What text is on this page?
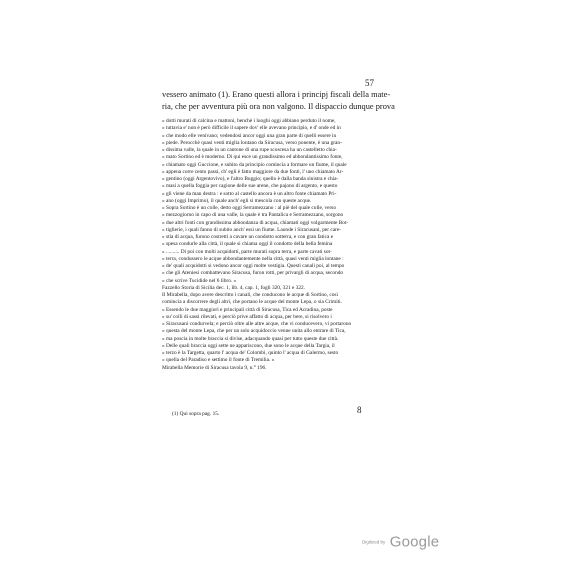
57
vessero animato (1). Erano questi allora i principj fiscali della mate-
ria, che per avventura più ora non valgono. Il dispaccio dunque prova
» dotti murati di calcina e mattoni, benchè i luoghi oggi abbiano perduto il nome,
» tuttavia e' non è però difficile il sapere dov' elle avevano principio, e d' onde ed in
» che modo elle venivano; vedendosi ancor oggi una gran parte di quelli essere in
» piede. Perocchè quasi venti miglia lontano da Siracusa, verso ponente, è una gran-
» dissima valle, la quale in un cantone di una rupe scoscesa ha un castelletto chia-
» mato Sortino ed è moderno. Di qui esce un grandissimo ed abbondantissimo fonte,
» chiamato oggi Guccione, e subito da principio comincia a formare un fiume, il quale
» appena corre cento passi, ch' egli è fatto maggiore da due fonti, l' uno chiamato Ar-
» gentino (oggi Argentovivo), e l'altro Buggio; quello è dalla banda sinistra e chia-
» masi a quella foggia per cagione delle sue arene, che pajono di argento, e questo
» gli viene da man destra : e sotto al castello ancora è un altro fonte chiamato Pri-
» ano (oggi Imprimo), il quale anch' egli si mescola con queste acque.
» Sopra Sortino è un colle, detto oggi Serramezzano : al piè del quale colle, verso
» mezzogiorno in capo di una valle, la quale è tra Pantalica e Serramezzano, sorgono
» due altri fonti con grandissima abbondanza di acqua, chiamati oggi volgarmente Bot-
» tiglierie, i quali fanno di subito anch' essi un fiume. Laonde i Siracusani, per care-
» stia di acqua, furono costretti a cavare un condotto sotterra, e con gran fatica e
» spesa condurle alla città, il quale si chiama oggi il condotto della bella femina
» .......... Di poi con molti acquidotti, parte murati sopra terra, e parte cavati sot-
» terra, condussero le acque abbondantemente nella città, quasi venti miglia lontane :
» de' quali acquidotti si vedono ancor oggi molte vestigia. Questi canali poi, al tempo
» che gli Ateniesi combattevano Siracusa, furon rotti, per privargli di acqua, secondo
» che scrive Tucidide nel 6 libro. »
Fazzello Storia di Sicilia dec. 1, lib. 4, cap. 1, fogli 320, 321 e 322.
Il Mirabella, dopo avere descritto i canali, che conducono le acque di Sortino, così
comincia a discorrere degli altri, che portano le acque del monte Lepa, o sia Crimiti.
» Essendo le due maggiori e principali città di Siracusa, Tica ed Acradina, poste
» su' colli di sassi rilevati, e perciò prive affatto di acqua, per bere, si risolvero i
» Siracusani condurvela; e perciò oltre alle altre acque, che vi conducevero, vi portarono
» questa del monte Lepa, che per un solo acquidoccio venne unita allo entrare di Tica,
» ma poscia in molte braccia si divise, adacquando quasi per tutto queste due città.
» Delle quali braccia oggi sette ne appariscono, due sono le acque della Targia, il
» terzo è la Targetta, quarto l' acqua de' Colombi, quinto l' acqua di Galermo, sesto
» quella del Paradiso e settimo il fonte di Tremilia. »
Mirabella Memorie di Siracusa tavola 9, n.° 196.
8
(1) Qui sopra pag. 15.
Digitized by Google
